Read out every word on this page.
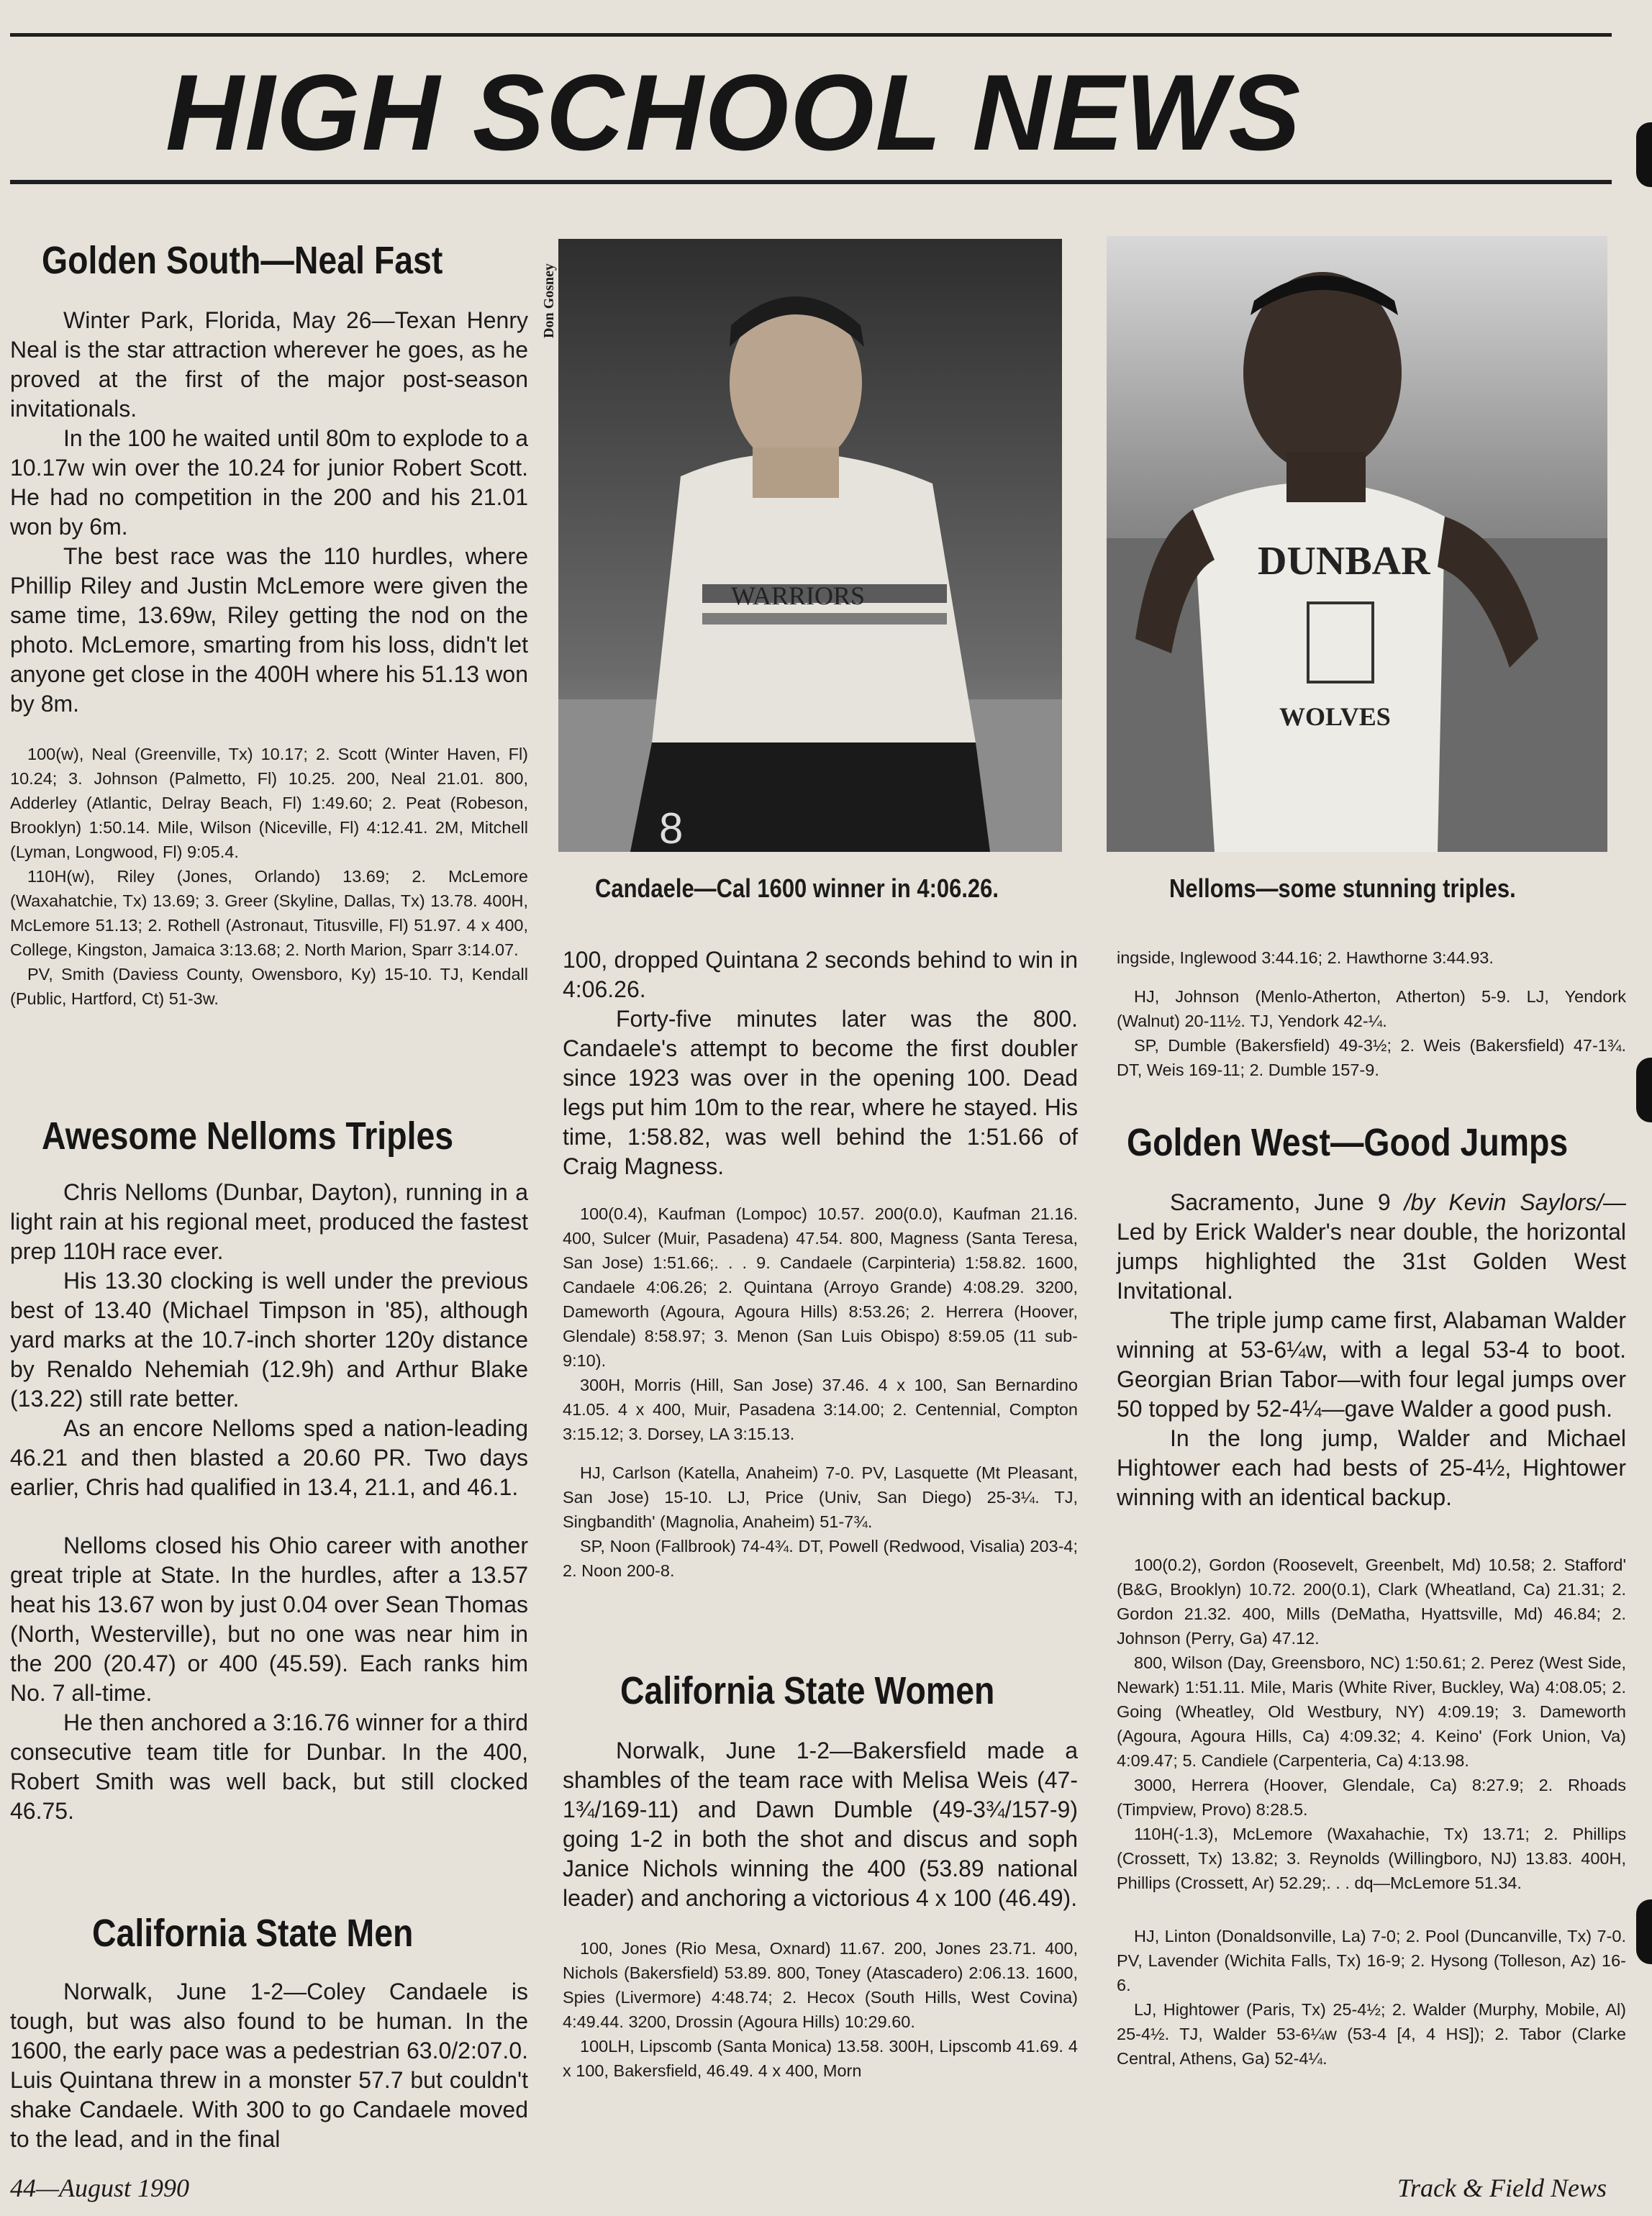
HIGH SCHOOL NEWS
Golden South—Neal Fast

Winter Park, Florida, May 26—Texan Henry Neal is the star attraction wherever he goes, as he proved at the first of the major post-season invitationals.

In the 100 he waited until 80m to explode to a 10.17w win over the 10.24 for junior Robert Scott. He had no competition in the 200 and his 21.01 won by 6m.

The best race was the 110 hurdles, where Phillip Riley and Justin McLemore were given the same time, 13.69w, Riley getting the nod on the photo. McLemore, smarting from his loss, didn't let anyone get close in the 400H where his 51.13 won by 8m.

100(w), Neal (Greenville, Tx) 10.17; 2. Scott (Winter Haven, Fl) 10.24; 3. Johnson (Palmetto, Fl) 10.25. 200, Neal 21.01. 800, Adderley (Atlantic, Delray Beach, Fl) 1:49.60; 2. Peat (Robeson, Brooklyn) 1:50.14. Mile, Wilson (Niceville, Fl) 4:12.41. 2M, Mitchell (Lyman, Longwood, Fl) 9:05.4.

110H(w), Riley (Jones, Orlando) 13.69; 2. McLemore (Waxahatchie, Tx) 13.69; 3. Greer (Skyline, Dallas, Tx) 13.78. 400H, McLemore 51.13; 2. Rothell (Astronaut, Titusville, Fl) 51.97. 4 x 400, College, Kingston, Jamaica 3:13.68; 2. North Marion, Sparr 3:14.07.

PV, Smith (Daviess County, Owensboro, Ky) 15-10. TJ, Kendall (Public, Hartford, Ct) 51-3w.

Awesome Nelloms Triples

Chris Nelloms (Dunbar, Dayton), running in a light rain at his regional meet, produced the fastest prep 110H race ever.

His 13.30 clocking is well under the previous best of 13.40 (Michael Timpson in '85), although yard marks at the 10.7-inch shorter 120y distance by Renaldo Nehemiah (12.9h) and Arthur Blake (13.22) still rate better.

As an encore Nelloms sped a nation-leading 46.21 and then blasted a 20.60 PR. Two days earlier, Chris had qualified in 13.4, 21.1, and 46.1.

Nelloms closed his Ohio career with another great triple at State. In the hurdles, after a 13.57 heat his 13.67 won by just 0.04 over Sean Thomas (North, Westerville), but no one was near him in the 200 (20.47) or 400 (45.59). Each ranks him No. 7 all-time.

He then anchored a 3:16.76 winner for a third consecutive team title for Dunbar. In the 400, Robert Smith was well back, but still clocked 46.75.

California State Men

Norwalk, June 1-2—Coley Candaele is tough, but was also found to be human. In the 1600, the early pace was a pedestrian 63.0/2:07.0. Luis Quintana threw in a monster 57.7 but couldn't shake Candaele. With 300 to go Candaele moved to the lead, and in the final

44—August 1990
WARRIORS
8
Don Gosney
Candaele—Cal 1600 winner in 4:06.26.

100, dropped Quintana 2 seconds behind to win in 4:06.26.

Forty-five minutes later was the 800. Candaele's attempt to become the first doubler since 1923 was over in the opening 100. Dead legs put him 10m to the rear, where he stayed. His time, 1:58.82, was well behind the 1:51.66 of Craig Magness.

100(0.4), Kaufman (Lompoc) 10.57. 200(0.0), Kaufman 21.16. 400, Sulcer (Muir, Pasadena) 47.54. 800, Magness (Santa Teresa, San Jose) 1:51.66;. . . 9. Candaele (Carpinteria) 1:58.82. 1600, Candaele 4:06.26; 2. Quintana (Arroyo Grande) 4:08.29. 3200, Dameworth (Agoura, Agoura Hills) 8:53.26; 2. Herrera (Hoover, Glendale) 8:58.97; 3. Menon (San Luis Obispo) 8:59.05 (11 sub-9:10).

300H, Morris (Hill, San Jose) 37.46. 4 x 100, San Bernardino 41.05. 4 x 400, Muir, Pasadena 3:14.00; 2. Centennial, Compton 3:15.12; 3. Dorsey, LA 3:15.13.

HJ, Carlson (Katella, Anaheim) 7-0. PV, Lasquette (Mt Pleasant, San Jose) 15-10. LJ, Price (Univ, San Diego) 25-3¼. TJ, Singbandith' (Magnolia, Anaheim) 51-7¾.

SP, Noon (Fallbrook) 74-4¾. DT, Powell (Redwood, Visalia) 203-4; 2. Noon 200-8.

California State Women

Norwalk, June 1-2—Bakersfield made a shambles of the team race with Melisa Weis (47-1¾/169-11) and Dawn Dumble (49-3¾/157-9) going 1-2 in both the shot and discus and soph Janice Nichols winning the 400 (53.89 national leader) and anchoring a victorious 4 x 100 (46.49).

100, Jones (Rio Mesa, Oxnard) 11.67. 200, Jones 23.71. 400, Nichols (Bakersfield) 53.89. 800, Toney (Atascadero) 2:06.13. 1600, Spies (Livermore) 4:48.74; 2. Hecox (South Hills, West Covina) 4:49.44. 3200, Drossin (Agoura Hills) 10:29.60.

100LH, Lipscomb (Santa Monica) 13.58. 300H, Lipscomb 41.69. 4 x 100, Bakersfield, 46.49. 4 x 400, Morn

DUNBAR
WOLVES
Nelloms—some stunning triples.

ingside, Inglewood 3:44.16; 2. Hawthorne 3:44.93.

HJ, Johnson (Menlo-Atherton, Atherton) 5-9. LJ, Yendork (Walnut) 20-11½. TJ, Yendork 42-¼.

SP, Dumble (Bakersfield) 49-3½; 2. Weis (Bakersfield) 47-1¾. DT, Weis 169-11; 2. Dumble 157-9.

Golden West—Good Jumps

Sacramento, June 9 /by Kevin Saylors/—Led by Erick Walder's near double, the horizontal jumps highlighted the 31st Golden West Invitational.

The triple jump came first, Alabaman Walder winning at 53-6¼w, with a legal 53-4 to boot. Georgian Brian Tabor—with four legal jumps over 50 topped by 52-4¼—gave Walder a good push.

In the long jump, Walder and Michael Hightower each had bests of 25-4½, Hightower winning with an identical backup.

100(0.2), Gordon (Roosevelt, Greenbelt, Md) 10.58; 2. Stafford' (B&G, Brooklyn) 10.72. 200(0.1), Clark (Wheatland, Ca) 21.31; 2. Gordon 21.32. 400, Mills (DeMatha, Hyattsville, Md) 46.84; 2. Johnson (Perry, Ga) 47.12.

800, Wilson (Day, Greensboro, NC) 1:50.61; 2. Perez (West Side, Newark) 1:51.11. Mile, Maris (White River, Buckley, Wa) 4:08.05; 2. Going (Wheatley, Old Westbury, NY) 4:09.19; 3. Dameworth (Agoura, Agoura Hills, Ca) 4:09.32; 4. Keino' (Fork Union, Va) 4:09.47; 5. Candiele (Carpenteria, Ca) 4:13.98.

3000, Herrera (Hoover, Glendale, Ca) 8:27.9; 2. Rhoads (Timpview, Provo) 8:28.5.

110H(-1.3), McLemore (Waxahachie, Tx) 13.71; 2. Phillips (Crossett, Tx) 13.82; 3. Reynolds (Willingboro, NJ) 13.83. 400H, Phillips (Crossett, Ar) 52.29;. . . dq—McLemore 51.34.

HJ, Linton (Donaldsonville, La) 7-0; 2. Pool (Duncanville, Tx) 7-0. PV, Lavender (Wichita Falls, Tx) 16-9; 2. Hysong (Tolleson, Az) 16-6.

LJ, Hightower (Paris, Tx) 25-4½; 2. Walder (Murphy, Mobile, Al) 25-4½. TJ, Walder 53-6¼w (53-4 [4, 4 HS]); 2. Tabor (Clarke Central, Athens, Ga) 52-4¼.

Track & Field News
